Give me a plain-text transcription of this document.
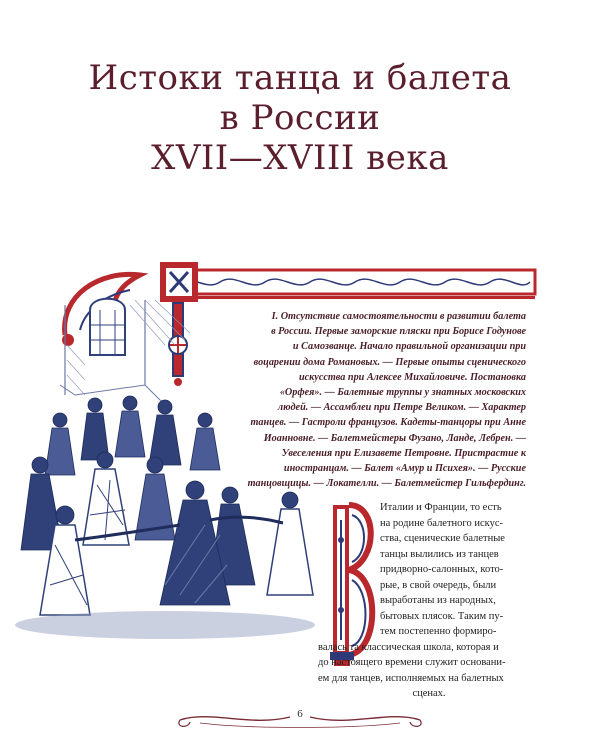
Истоки танца и балета
в России
XVII—XVIII века
I. Отсутствие самостоятельности в развитии балета
в России. Первые заморские пляски при Борисе Годунове
и Самозванце. Начало правильной организации при
воцарении дома Романовых. — Первые опыты сценического
искусства при Алексее Михайловиче. Постановка
«Орфея». — Балетные труппы у знатных московских
людей. — Ассамблеи при Петре Великом. — Характер
танцев. — Гастроли французов. Кадеты-танцоры при Анне
Иоанновне. — Балетмейстеры Фузано, Ланде, Лебрен. —
Увеселения при Елизавете Петровне. Пристрастие к
иностранцам. — Балет «Амур и Психея». — Русские
танцовщицы. — Локателли. — Балетмейстер Гильфердинг.
Италии и Франции, то есть
на родине балетного искус-
ства, сценические балетные
танцы вылились из танцев
придворно-салонных, кото-
рые, в свой очередь, были
выработаны из народных,
бытовых плясок. Таким пу-
тем постепенно формиро-
валась та классическая школа, которая и
до настоящего времени служит основани-
ем для танцев, исполняемых на балетных
сценах.
6
